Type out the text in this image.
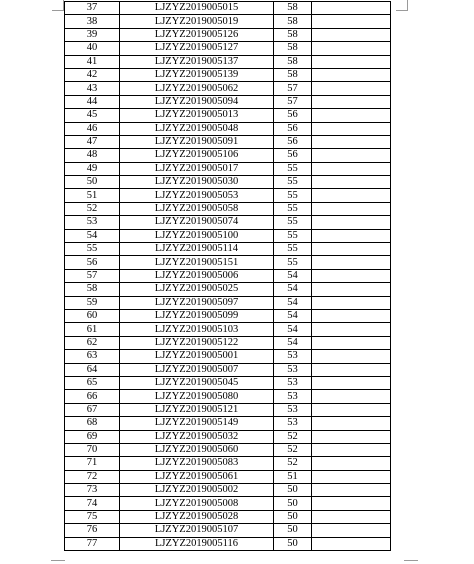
37	LJZYZ2019005015	58	
38	LJZYZ2019005019	58	
39	LJZYZ2019005126	58	
40	LJZYZ2019005127	58	
41	LJZYZ2019005137	58	
42	LJZYZ2019005139	58	
43	LJZYZ2019005062	57	
44	LJZYZ2019005094	57	
45	LJZYZ2019005013	56	
46	LJZYZ2019005048	56	
47	LJZYZ2019005091	56	
48	LJZYZ2019005106	56	
49	LJZYZ2019005017	55	
50	LJZYZ2019005030	55	
51	LJZYZ2019005053	55	
52	LJZYZ2019005058	55	
53	LJZYZ2019005074	55	
54	LJZYZ2019005100	55	
55	LJZYZ2019005114	55	
56	LJZYZ2019005151	55	
57	LJZYZ2019005006	54	
58	LJZYZ2019005025	54	
59	LJZYZ2019005097	54	
60	LJZYZ2019005099	54	
61	LJZYZ2019005103	54	
62	LJZYZ2019005122	54	
63	LJZYZ2019005001	53	
64	LJZYZ2019005007	53	
65	LJZYZ2019005045	53	
66	LJZYZ2019005080	53	
67	LJZYZ2019005121	53	
68	LJZYZ2019005149	53	
69	LJZYZ2019005032	52	
70	LJZYZ2019005060	52	
71	LJZYZ2019005083	52	
72	LJZYZ2019005061	51	
73	LJZYZ2019005002	50	
74	LJZYZ2019005008	50	
75	LJZYZ2019005028	50	
76	LJZYZ2019005107	50	
77	LJZYZ2019005116	50	
